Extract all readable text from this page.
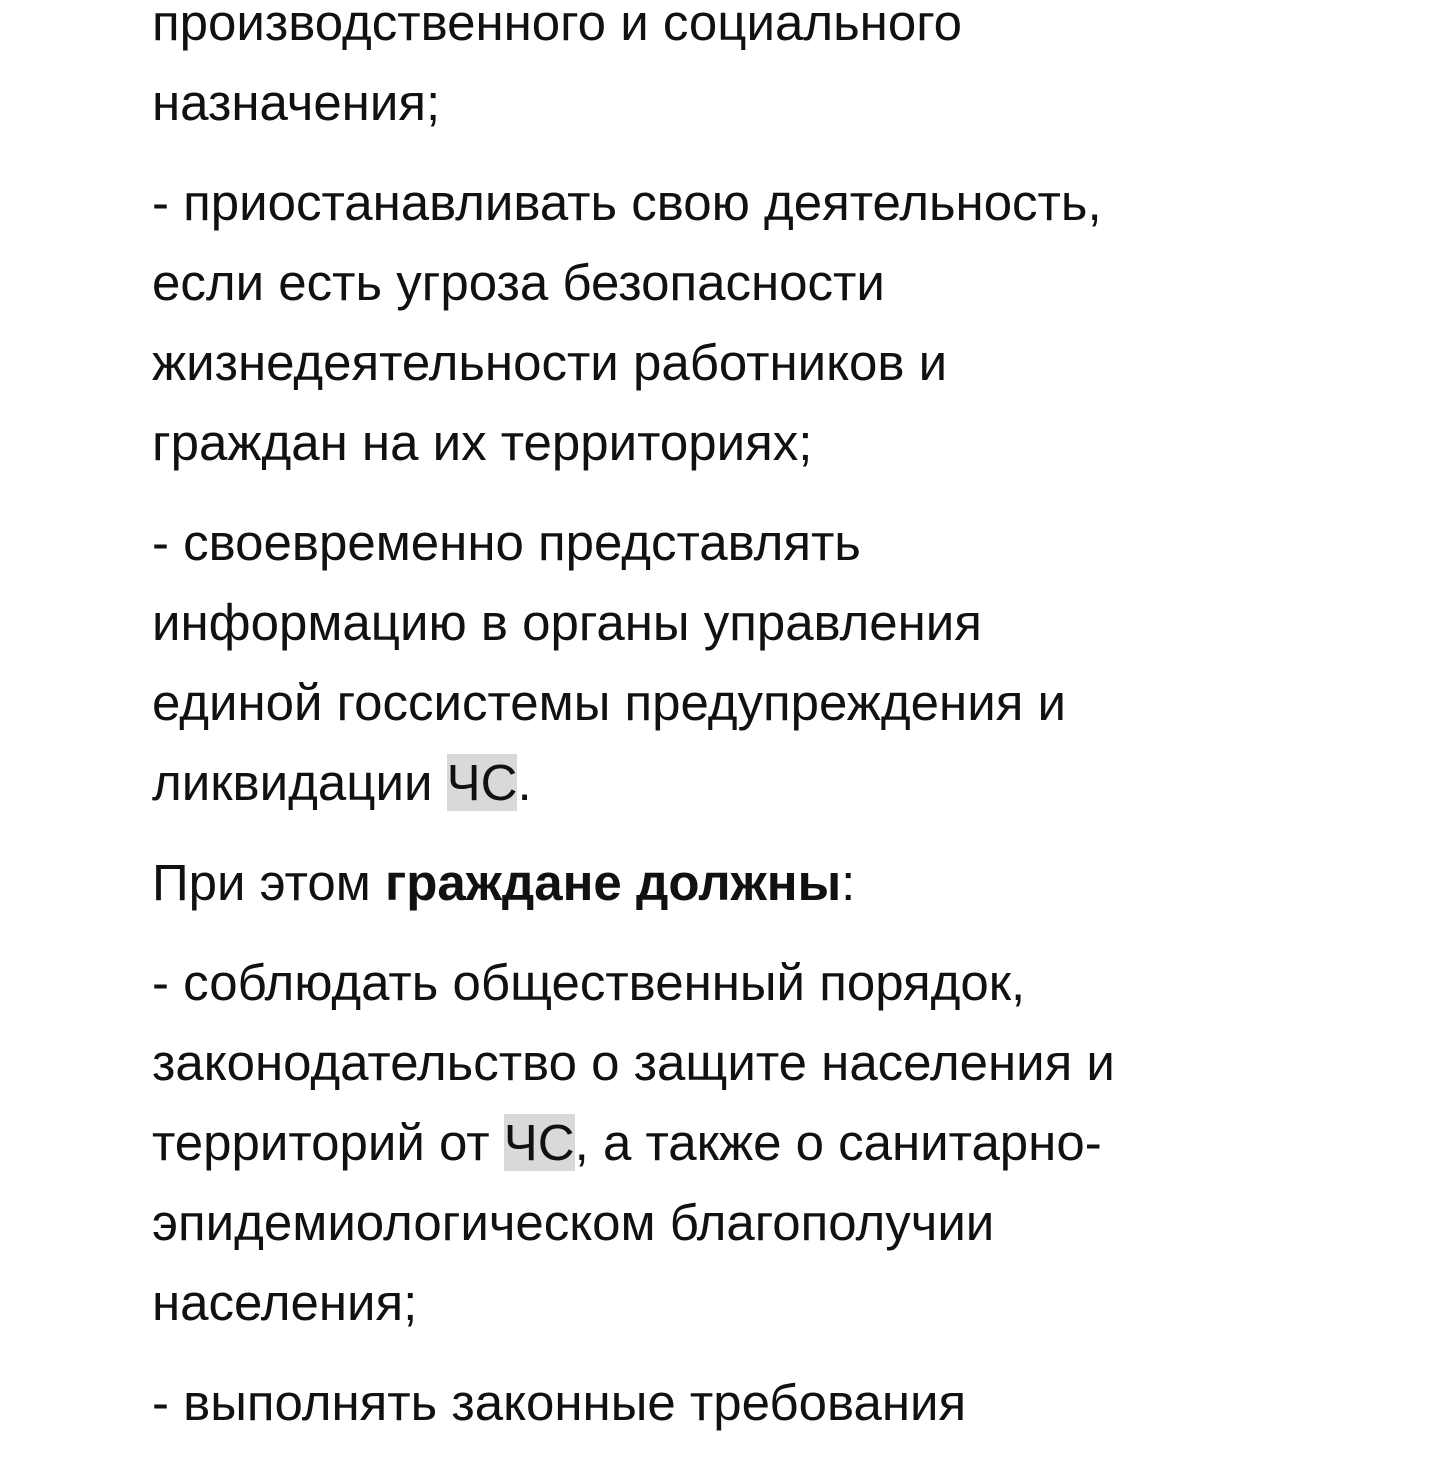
производственного и социального
назначения;

- приостанавливать свою деятельность,
если есть угроза безопасности
жизнедеятельности работников и
граждан на их территориях;

- своевременно представлять
информацию в органы управления
единой госсистемы предупреждения и
ликвидации ЧС.

При этом граждане должны:

- соблюдать общественный порядок,
законодательство о защите населения и
территорий от ЧС, а также о санитарно-
эпидемиологическом благополучии
населения;

- выполнять законные требования
